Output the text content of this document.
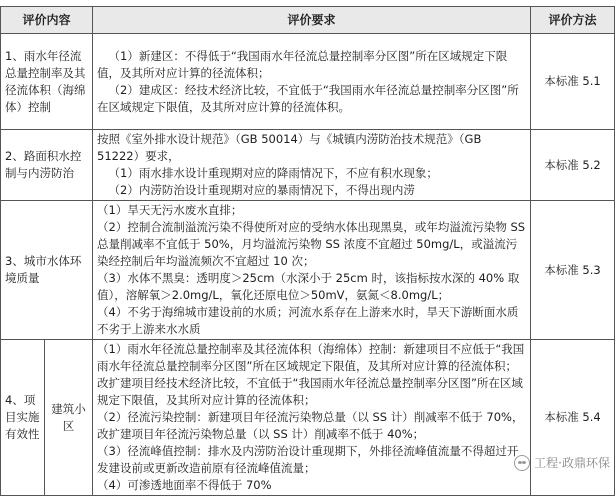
评价内容		评价要求	评价方法
1、雨水年径流总量控制率及其径流体积（海绵体）控制		（1）新建区：不得低于“我国雨水年径流总量控制率分区图”所在区域规定下限值，及其所对应计算的径流体积；

（2）建成区：经技术经济比较，不宜低于“我国雨水年径流总量控制率分区图”所在区域规定下限值，及其所对应计算的径流体积。	本标准 5.1
2、路面积水控制与内涝防治		按照《室外排水设计规范》（GB 50014）与《城镇内涝防治技术规范》（GB 51222）要求，

（1）雨水排水设计重现期对应的降雨情况下，不应有积水现象；

（2）内涝防治设计重现期对应的暴雨情况下，不得出现内涝	本标准 5.2
3、城市水体环境质量		（1）旱天无污水废水直排；

（2）控制合流制溢流污染不得使所对应的受纳水体出现黑臭，或年均溢流污染物 SS 总量削减率不宜低于 50%，月均溢流污染物 SS 浓度不宜超过 50mg/L，或溢流污染经控制后年均溢流频次不宜超过 10 次；

（3）水体不黑臭：透明度＞25cm（水深小于 25cm 时，该指标按水深的 40% 取值），溶解氧＞2.0mg/L，氧化还原电位＞50mV，氨氮＜8.0mg/L；

（4）不劣于海绵城市建设前的水质；河流水系存在上游来水时，旱天下游断面水质不劣于上游来水水质	本标准 5.3
4、项目实施有效性	建筑小区	（1）雨水年径流总量控制率及其径流体积（海绵体）控制：新建项目不应低于“我国雨水年径流总量控制率分区图”所在区域规定下限值，及其所对应计算的径流体积；改扩建项目经技术经济比较，不宜低于“我国雨水年径流总量控制率分区图”所在区域规定下限值，及其所对应计算的径流体积；

（2）径流污染控制：新建项目年径流污染物总量（以 SS 计）削减率不低于 70%，改扩建项目年径流污染物总量（以 SS 计）削减率不低于 40%；

（3）径流峰值控制：排水及内涝防治设计重现期下，外排径流峰值流量不得超过开发建设前或更新改造前原有径流峰值流量；

（4）可渗透地面率不得低于 70%	本标准 5.4
工程·政鼎环保
